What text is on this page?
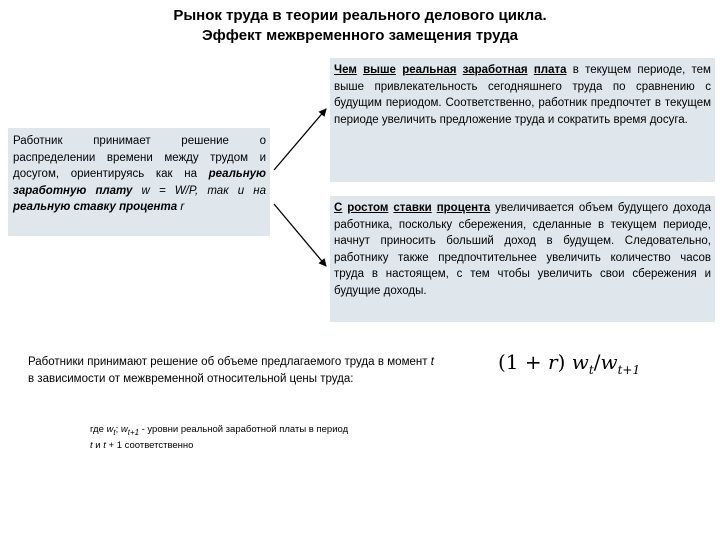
Рынок труда в теории реального делового цикла.
Эффект межвременного замещения труда
Работник принимает решение о распределении времени между трудом и досугом, ориентируясь как на реальную заработную плату w = W/P, так и на реальную ставку процента r
Чем выше реальная заработная плата в текущем периоде, тем выше привлекательность сегодняшнего труда по сравнению с будущим периодом. Соответственно, работник предпочтет в текущем периоде увеличить предложение труда и сократить время досуга.
С ростом ставки процента увеличивается объем будущего дохода работника, поскольку сбережения, сделанные в текущем периоде, начнут приносить больший доход в будущем. Следовательно, работнику также предпочтительнее увеличить количество часов труда в настоящем, с тем чтобы увеличить свои сбережения и будущие доходы.
Работники принимают решение об объеме предлагаемого труда в момент t в зависимости от межвременной относительной цены труда:
(1 + r) $w_t/w_{t+1}$
где $w_t$; $w_{t+1}$ - уровни реальной заработной платы в период
t и t + 1 соответственно
